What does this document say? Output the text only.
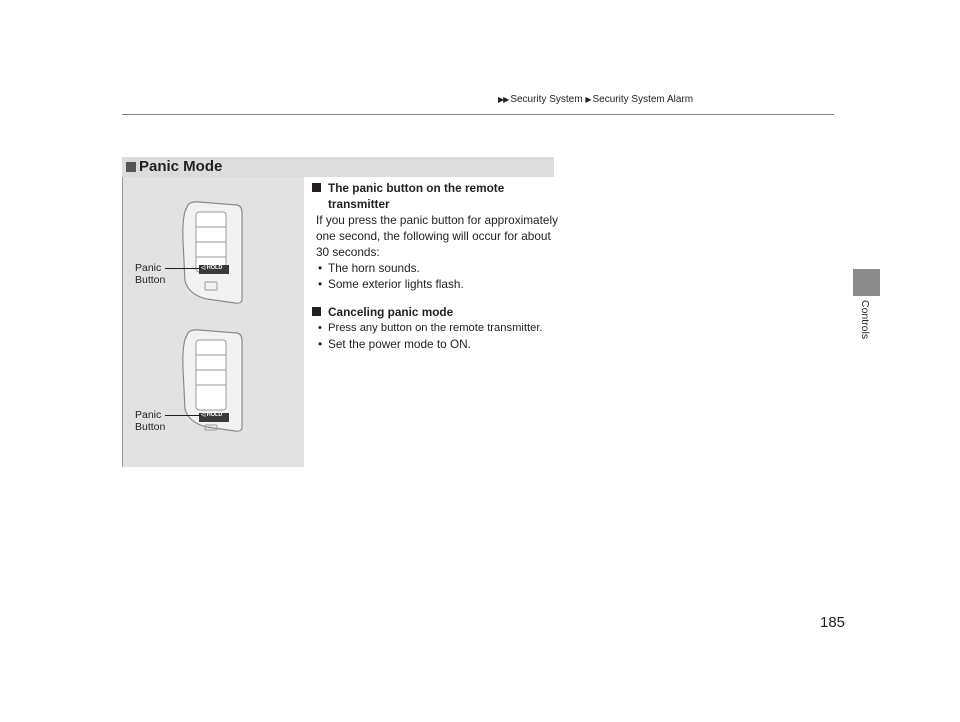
▶▶ Security System ▶ Security System Alarm
Controls
Panic Mode
◁ HOLD
◁ HOLD
Panic
Button
Panic
Button
The panic button on the remote transmitter

If you press the panic button for approximately one second, the following will occur for about 30 seconds:

• The horn sounds.
• Some exterior lights flash.
Canceling panic mode
• Press any button on the remote transmitter.
• Set the power mode to ON.
185
